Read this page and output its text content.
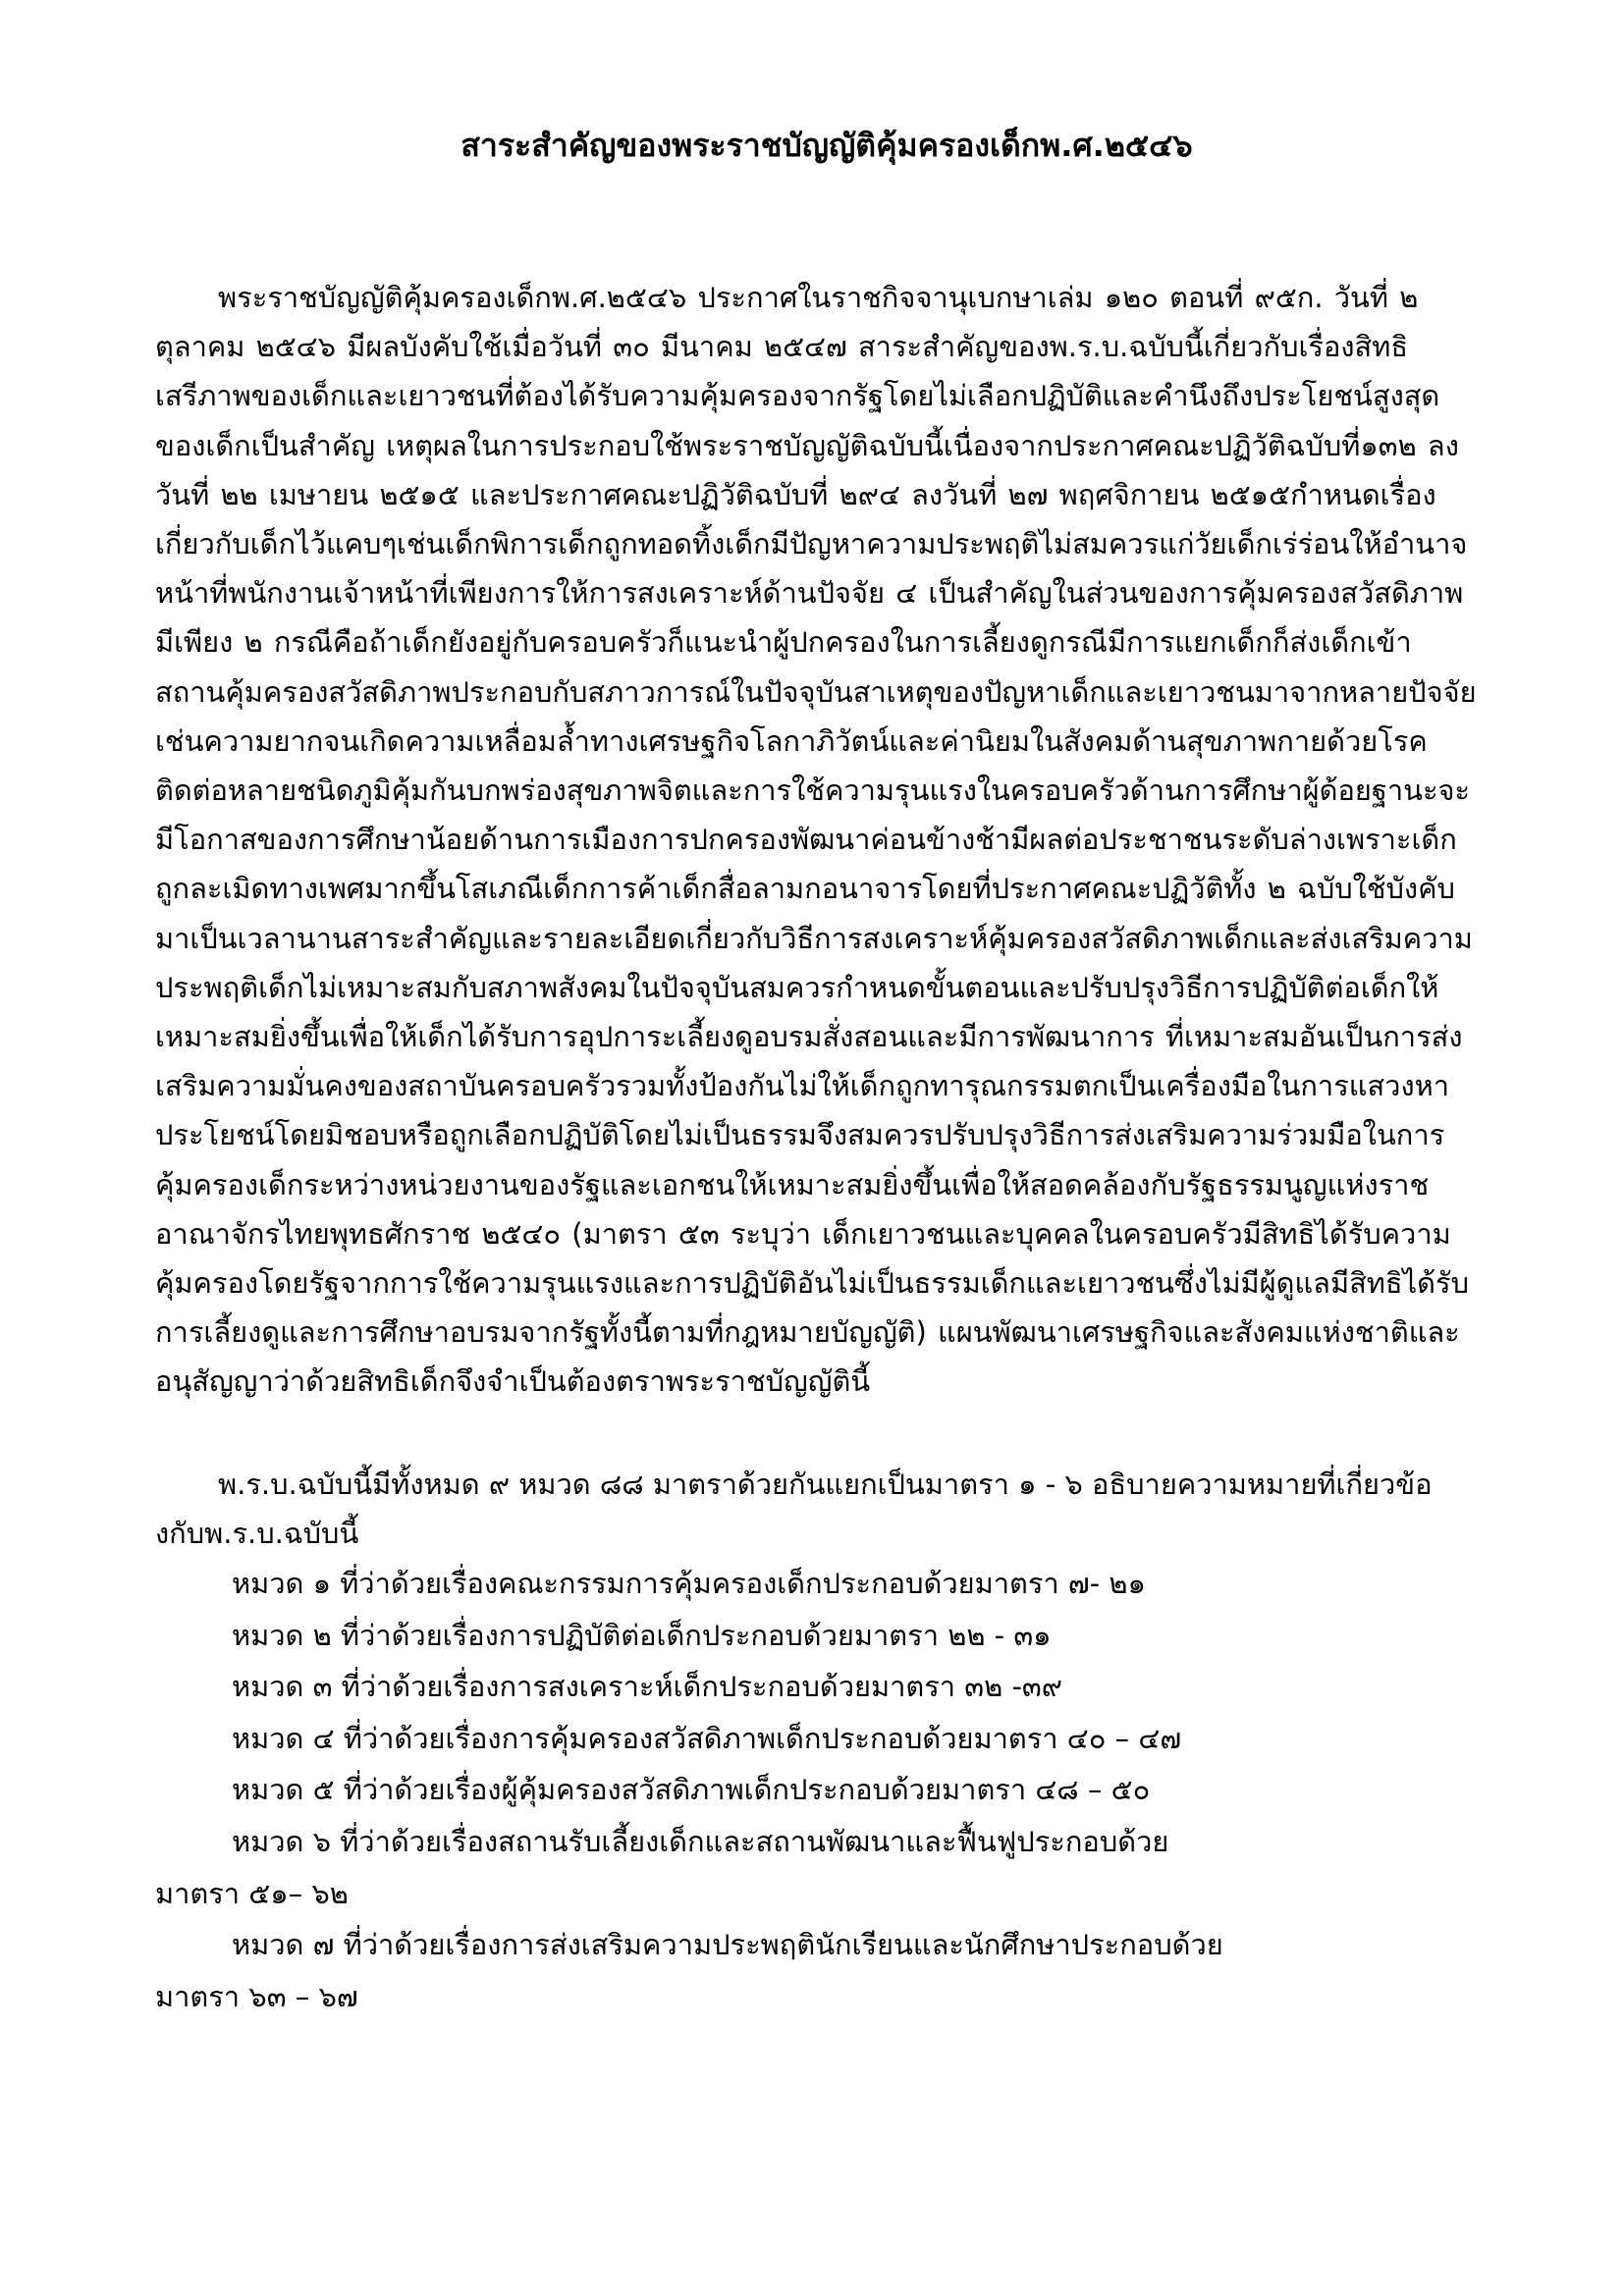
สาระสำคัญของพระราชบัญญัติคุ้มครองเด็กพ.ศ.๒๕๔๖

พระราชบัญญัติคุ้มครองเด็กพ.ศ.๒๕๔๖ ประกาศในราชกิจจานุเบกษาเล่ม ๑๒๐ ตอนที่ ๙๕ก. วันที่ ๒ ตุลาคม ๒๕๔๖ มีผลบังคับใช้เมื่อวันที่ ๓๐ มีนาคม ๒๕๔๗ สาระสำคัญของพ.ร.บ.ฉบับนี้เกี่ยวกับเรื่องสิทธิเสรีภาพของเด็กและเยาวชนที่ต้องได้รับความคุ้มครองจากรัฐโดยไม่เลือกปฏิบัติและคำนึงถึงประโยชน์สูงสุดของเด็กเป็นสำคัญ เหตุผลในการประกอบใช้พระราชบัญญัติฉบับนี้เนื่องจากประกาศคณะปฏิวัติฉบับที่๑๓๒ ลงวันที่ ๒๒ เมษายน ๒๕๑๕ และประกาศคณะปฏิวัติฉบับที่ ๒๙๔ ลงวันที่ ๒๗ พฤศจิกายน ๒๕๑๕กำหนดเรื่องเกี่ยวกับเด็กไว้แคบๆเช่นเด็กพิการเด็กถูกทอดทิ้งเด็กมีปัญหาความประพฤติไม่สมควรแก่วัยเด็กเร่ร่อนให้อำนาจหน้าที่พนักงานเจ้าหน้าที่เพียงการให้การสงเคราะห์ด้านปัจจัย ๔ เป็นสำคัญในส่วนของการคุ้มครองสวัสดิภาพมีเพียง ๒ กรณีคือถ้าเด็กยังอยู่กับครอบครัวก็แนะนำผู้ปกครองในการเลี้ยงดูกรณีมีการแยกเด็กก็ส่งเด็กเข้าสถานคุ้มครองสวัสดิภาพประกอบกับสภาวการณ์ในปัจจุบันสาเหตุของปัญหาเด็กและเยาวชนมาจากหลายปัจจัยเช่นความยากจนเกิดความเหลื่อมล้ำทางเศรษฐกิจโลกาภิวัตน์และค่านิยมในสังคมด้านสุขภาพกายด้วยโรคติดต่อหลายชนิดภูมิคุ้มกันบกพร่องสุขภาพจิตและการใช้ความรุนแรงในครอบครัวด้านการศึกษาผู้ด้อยฐานะจะมีโอกาสของการศึกษาน้อยด้านการเมืองการปกครองพัฒนาค่อนข้างช้ามีผลต่อประชาชนระดับล่างเพราะเด็กถูกละเมิดทางเพศมากขึ้นโสเภณีเด็กการค้าเด็กสื่อลามกอนาจารโดยที่ประกาศคณะปฏิวัติทั้ง ๒ ฉบับใช้บังคับมาเป็นเวลานานสาระสำคัญและรายละเอียดเกี่ยวกับวิธีการสงเคราะห์คุ้มครองสวัสดิภาพเด็กและส่งเสริมความประพฤติเด็กไม่เหมาะสมกับสภาพสังคมในปัจจุบันสมควรกำหนดขั้นตอนและปรับปรุงวิธีการปฏิบัติต่อเด็กให้เหมาะสมยิ่งขึ้นเพื่อให้เด็กได้รับการอุปการะเลี้ยงดูอบรมสั่งสอนและมีการพัฒนาการ ที่เหมาะสมอันเป็นการส่งเสริมความมั่นคงของสถาบันครอบครัวรวมทั้งป้องกันไม่ให้เด็กถูกทารุณกรรมตกเป็นเครื่องมือในการแสวงหาประโยชน์โดยมิชอบหรือถูกเลือกปฏิบัติโดยไม่เป็นธรรมจึงสมควรปรับปรุงวิธีการส่งเสริมความร่วมมือในการคุ้มครองเด็กระหว่างหน่วยงานของรัฐและเอกชนให้เหมาะสมยิ่งขึ้นเพื่อให้สอดคล้องกับรัฐธรรมนูญแห่งราชอาณาจักรไทยพุทธศักราช ๒๕๔๐ (มาตรา ๕๓ ระบุว่า เด็กเยาวชนและบุคคลในครอบครัวมีสิทธิได้รับความคุ้มครองโดยรัฐจากการใช้ความรุนแรงและการปฏิบัติอันไม่เป็นธรรมเด็กและเยาวชนซึ่งไม่มีผู้ดูแลมีสิทธิได้รับการเลี้ยงดูและการศึกษาอบรมจากรัฐทั้งนี้ตามที่กฎหมายบัญญัติ) แผนพัฒนาเศรษฐกิจและสังคมแห่งชาติและอนุสัญญาว่าด้วยสิทธิเด็กจึงจำเป็นต้องตราพระราชบัญญัตินี้

พ.ร.บ.ฉบับนี้มีทั้งหมด ๙ หมวด ๘๘ มาตราด้วยกันแยกเป็นมาตรา ๑ - ๖ อธิบายความหมายที่เกี่ยวข้องกับพ.ร.บ.ฉบับนี้

หมวด ๑ ที่ว่าด้วยเรื่องคณะกรรมการคุ้มครองเด็กประกอบด้วยมาตรา ๗- ๒๑
หมวด ๒ ที่ว่าด้วยเรื่องการปฏิบัติต่อเด็กประกอบด้วยมาตรา ๒๒ - ๓๑
หมวด ๓ ที่ว่าด้วยเรื่องการสงเคราะห์เด็กประกอบด้วยมาตรา ๓๒ -๓๙
หมวด ๔ ที่ว่าด้วยเรื่องการคุ้มครองสวัสดิภาพเด็กประกอบด้วยมาตรา ๔๐ – ๔๗
หมวด ๕ ที่ว่าด้วยเรื่องผู้คุ้มครองสวัสดิภาพเด็กประกอบด้วยมาตรา ๔๘ – ๕๐
หมวด ๖ ที่ว่าด้วยเรื่องสถานรับเลี้ยงเด็กและสถานพัฒนาและฟื้นฟูประกอบด้วย
มาตรา ๕๑– ๖๒
หมวด ๗ ที่ว่าด้วยเรื่องการส่งเสริมความประพฤตินักเรียนและนักศึกษาประกอบด้วย
มาตรา ๖๓ – ๖๗
